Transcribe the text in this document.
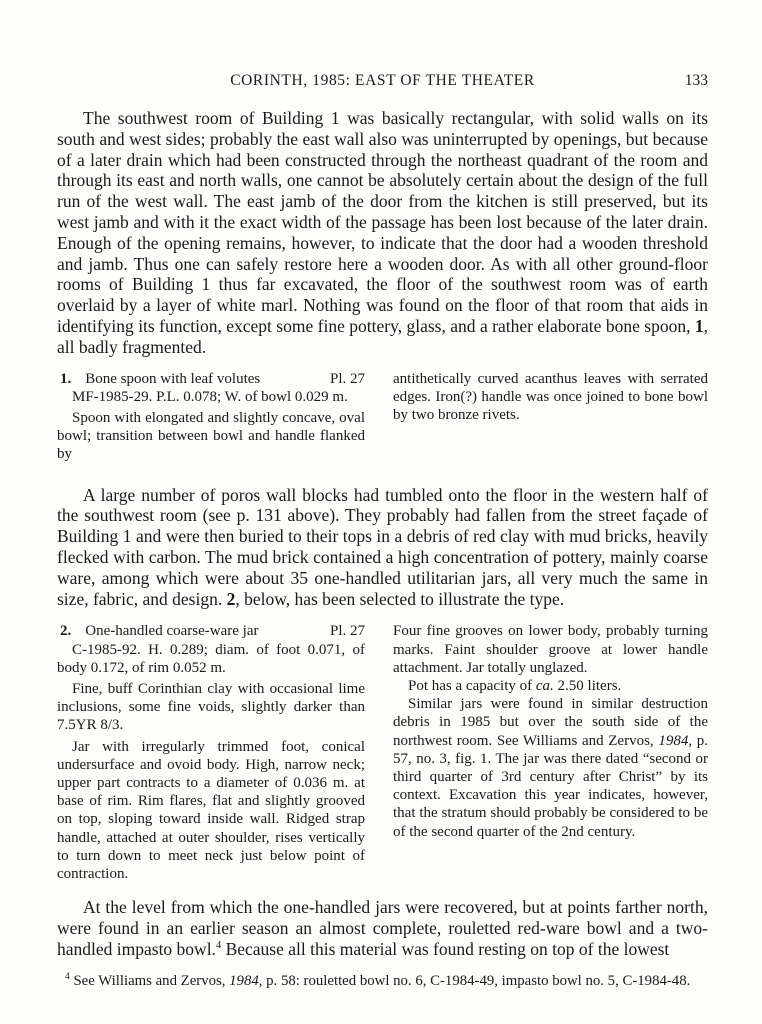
CORINTH, 1985: EAST OF THE THEATER	133

The southwest room of Building 1 was basically rectangular, with solid walls on its south and west sides; probably the east wall also was uninterrupted by openings, but because of a later drain which had been constructed through the northeast quadrant of the room and through its east and north walls, one cannot be absolutely certain about the design of the full run of the west wall. The east jamb of the door from the kitchen is still preserved, but its west jamb and with it the exact width of the passage has been lost because of the later drain. Enough of the opening remains, however, to indicate that the door had a wooden threshold and jamb. Thus one can safely restore here a wooden door. As with all other ground-floor rooms of Building 1 thus far excavated, the floor of the southwest room was of earth overlaid by a layer of white marl. Nothing was found on the floor of that room that aids in identifying its function, except some fine pottery, glass, and a rather elaborate bone spoon, 1, all badly fragmented.

1. Bone spoon with leaf volutes	Pl. 27

MF-1985-29. P.L. 0.078; W. of bowl 0.029 m.

Spoon with elongated and slightly concave, oval bowl; transition between bowl and handle flanked by

antithetically curved acanthus leaves with serrated edges. Iron(?) handle was once joined to bone bowl by two bronze rivets.

A large number of poros wall blocks had tumbled onto the floor in the western half of the southwest room (see p. 131 above). They probably had fallen from the street façade of Building 1 and were then buried to their tops in a debris of red clay with mud bricks, heavily flecked with carbon. The mud brick contained a high concentration of pottery, mainly coarse ware, among which were about 35 one-handled utilitarian jars, all very much the same in size, fabric, and design. 2, below, has been selected to illustrate the type.

2. One-handled coarse-ware jar	Pl. 27

C-1985-92. H. 0.289; diam. of foot 0.071, of body 0.172, of rim 0.052 m.

Fine, buff Corinthian clay with occasional lime inclusions, some fine voids, slightly darker than 7.5YR 8/3.

Jar with irregularly trimmed foot, conical undersurface and ovoid body. High, narrow neck; upper part contracts to a diameter of 0.036 m. at base of rim. Rim flares, flat and slightly grooved on top, sloping toward inside wall. Ridged strap handle, attached at outer shoulder, rises vertically to turn down to meet neck just below point of contraction.

Four fine grooves on lower body, probably turning marks. Faint shoulder groove at lower handle attachment. Jar totally unglazed.

Pot has a capacity of ca. 2.50 liters.

Similar jars were found in similar destruction debris in 1985 but over the south side of the northwest room. See Williams and Zervos, 1984, p. 57, no. 3, fig. 1. The jar was there dated “second or third quarter of 3rd century after Christ” by its context. Excavation this year indicates, however, that the stratum should probably be considered to be of the second quarter of the 2nd century.

At the level from which the one-handled jars were recovered, but at points farther north, were found in an earlier season an almost complete, rouletted red-ware bowl and a two-handled impasto bowl.$^4$ Because all this material was found resting on top of the lowest

$^4$ See Williams and Zervos, 1984, p. 58: rouletted bowl no. 6, C-1984-49, impasto bowl no. 5, C-1984-48.
